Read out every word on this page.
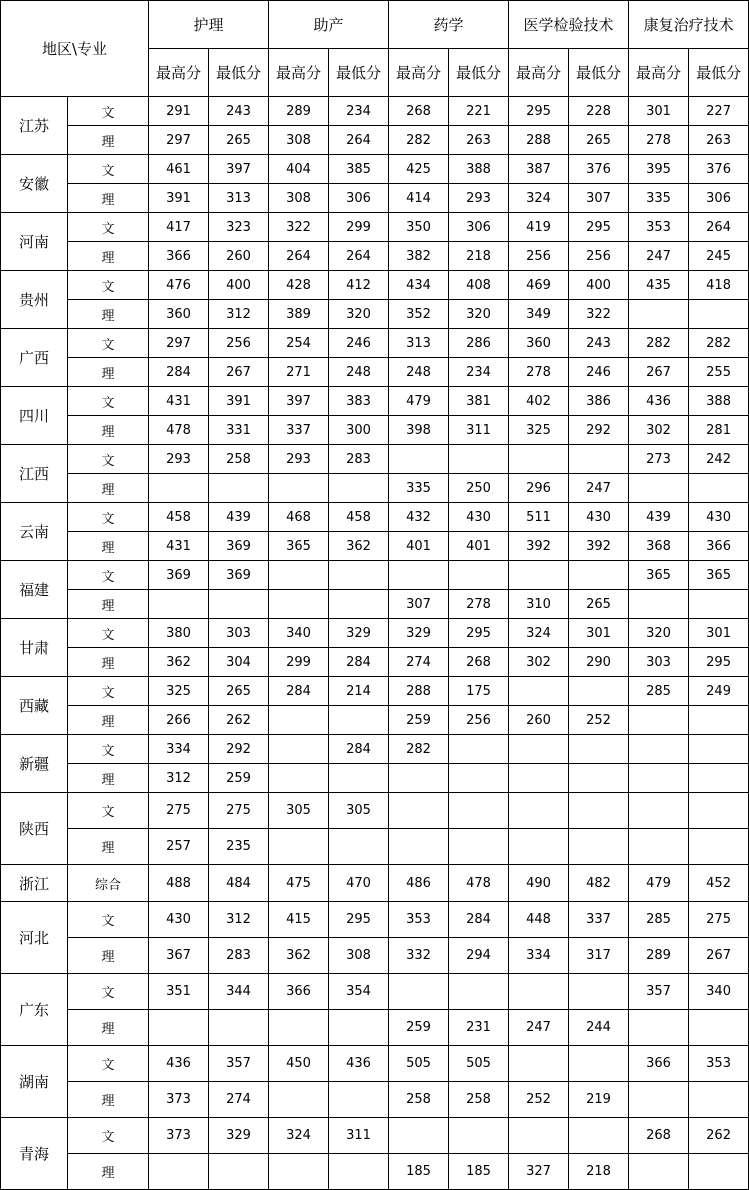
地区\专业		护理		助产		药学		医学检验技术		康复治疗技术	
		最高分	最低分	最高分	最低分	最高分	最低分	最高分	最低分	最高分	最低分
江苏	文	291	243	289	234	268	221	295	228	301	227
	理	297	265	308	264	282	263	288	265	278	263
安徽	文	461	397	404	385	425	388	387	376	395	376
	理	391	313	308	306	414	293	324	307	335	306
河南	文	417	323	322	299	350	306	419	295	353	264
	理	366	260	264	264	382	218	256	256	247	245
贵州	文	476	400	428	412	434	408	469	400	435	418
	理	360	312	389	320	352	320	349	322		
广西	文	297	256	254	246	313	286	360	243	282	282
	理	284	267	271	248	248	234	278	246	267	255
四川	文	431	391	397	383	479	381	402	386	436	388
	理	478	331	337	300	398	311	325	292	302	281
江西	文	293	258	293	283					273	242
	理					335	250	296	247		
云南	文	458	439	468	458	432	430	511	430	439	430
	理	431	369	365	362	401	401	392	392	368	366
福建	文	369	369							365	365
	理					307	278	310	265		
甘肃	文	380	303	340	329	329	295	324	301	320	301
	理	362	304	299	284	274	268	302	290	303	295
西藏	文	325	265	284	214	288	175			285	249
	理	266	262			259	256	260	252		
新疆	文	334	292		284	282					
	理	312	259								
陕西	文	275	275	305	305						
	理	257	235								
浙江	综合	488	484	475	470	486	478	490	482	479	452
河北	文	430	312	415	295	353	284	448	337	285	275
	理	367	283	362	308	332	294	334	317	289	267
广东	文	351	344	366	354					357	340
	理					259	231	247	244		
湖南	文	436	357	450	436	505	505			366	353
	理	373	274			258	258	252	219		
青海	文	373	329	324	311					268	262
	理					185	185	327	218		
